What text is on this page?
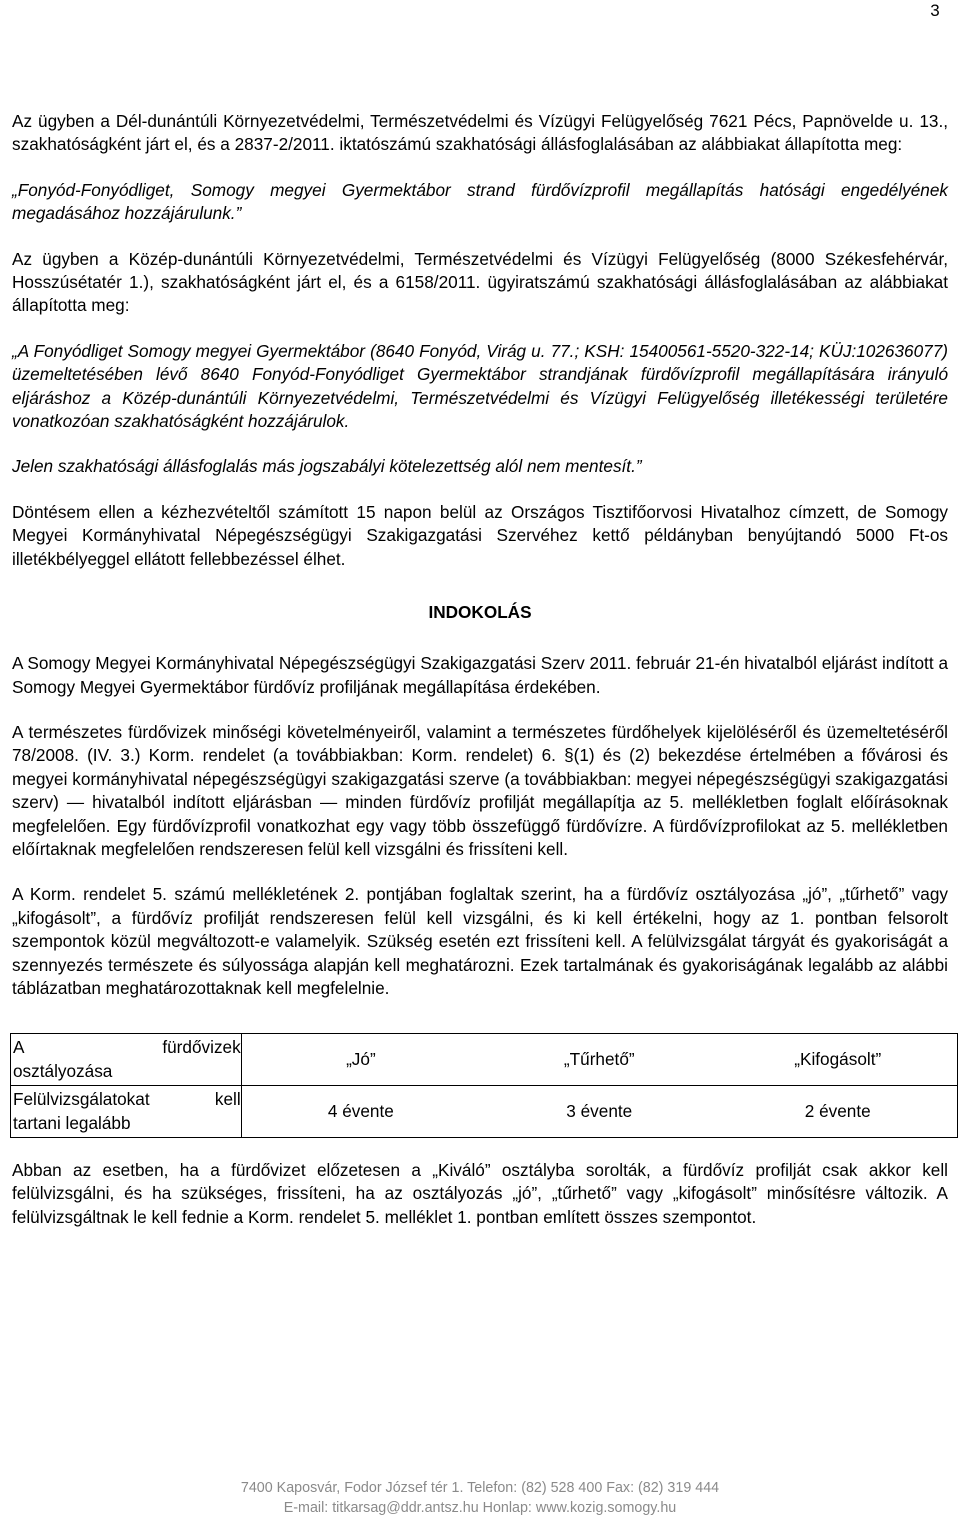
3

Az ügyben a Dél-dunántúli Környezetvédelmi, Természetvédelmi és Vízügyi Felügyelőség 7621 Pécs, Papnövelde u. 13., szakhatóságként járt el, és a 2837-2/2011. iktatószámú szakhatósági állásfoglalásában az alábbiakat állapította meg:

„Fonyód-Fonyódliget, Somogy megyei Gyermektábor strand fürdővízprofil megállapítás hatósági engedélyének megadásához hozzájárulunk.”

Az ügyben a Közép-dunántúli Környezetvédelmi, Természetvédelmi és Vízügyi Felügyelőség (8000 Székesfehérvár, Hosszúsétatér 1.), szakhatóságként járt el, és a 6158/2011. ügyiratszámú szakhatósági állásfoglalásában az alábbiakat állapította meg:

„A Fonyódliget Somogy megyei Gyermektábor (8640 Fonyód, Virág u. 77.; KSH: 15400561-5520-322-14; KÜJ:102636077) üzemeltetésében lévő 8640 Fonyód-Fonyódliget Gyermektábor strandjának fürdővízprofil megállapítására irányuló eljáráshoz a Közép-dunántúli Környezetvédelmi, Természetvédelmi és Vízügyi Felügyelőség illetékességi területére vonatkozóan szakhatóságként hozzájárulok.

Jelen szakhatósági állásfoglalás más jogszabályi kötelezettség alól nem mentesít.”

Döntésem ellen a kézhezvételtől számított 15 napon belül az Országos Tisztifőorvosi Hivatalhoz címzett, de Somogy Megyei Kormányhivatal Népegészségügyi Szakigazgatási Szervéhez kettő példányban benyújtandó 5000 Ft-os illetékbélyeggel ellátott fellebbezéssel élhet.

INDOKOLÁS

A Somogy Megyei Kormányhivatal Népegészségügyi Szakigazgatási Szerv 2011. február 21-én hivatalból eljárást indított a Somogy Megyei Gyermektábor fürdővíz profiljának megállapítása érdekében.

A természetes fürdővizek minőségi követelményeiről, valamint a természetes fürdőhelyek kijelöléséről és üzemeltetéséről 78/2008. (IV. 3.) Korm. rendelet (a továbbiakban: Korm. rendelet) 6. §(1) és (2) bekezdése értelmében a fővárosi és megyei kormányhivatal népegészségügyi szakigazgatási szerve (a továbbiakban: megyei népegészségügyi szakigazgatási szerv) — hivatalból indított eljárásban — minden fürdővíz profilját megállapítja az 5. mellékletben foglalt előírásoknak megfelelően. Egy fürdővízprofil vonatkozhat egy vagy több összefüggő fürdővízre. A fürdővízprofilokat az 5. mellékletben előírtaknak megfelelően rendszeresen felül kell vizsgálni és frissíteni kell.

A Korm. rendelet 5. számú mellékletének 2. pontjában foglaltak szerint, ha a fürdővíz osztályozása „jó”, „tűrhető” vagy „kifogásolt”, a fürdővíz profilját rendszeresen felül kell vizsgálni, és ki kell értékelni, hogy az 1. pontban felsorolt szempontok közül megváltozott-e valamelyik. Szükség esetén ezt frissíteni kell. A felülvizsgálat tárgyát és gyakoriságát a szennyezés természete és súlyossága alapján kell meghatározni. Ezek tartalmának és gyakoriságának legalább az alábbi táblázatban meghatározottaknak kell megfelelnie.

A fürdővizek
osztályozása	„Jó”	„Tűrhető”	„Kifogásolt”

Felülvizsgálatokat kell
tartani legalább	4 évente	3 évente	2 évente

Abban az esetben, ha a fürdővizet előzetesen a „Kiváló” osztályba sorolták, a fürdővíz profilját csak akkor kell felülvizsgálni, és ha szükséges, frissíteni, ha az osztályozás „jó”, „tűrhető” vagy „kifogásolt” minősítésre változik. A felülvizsgáltnak le kell fednie a Korm. rendelet 5. melléklet 1. pontban említett összes szempontot.

7400 Kaposvár, Fodor József tér 1. Telefon: (82) 528 400 Fax: (82) 319 444
E-mail: titkarsag@ddr.antsz.hu Honlap: www.kozig.somogy.hu
